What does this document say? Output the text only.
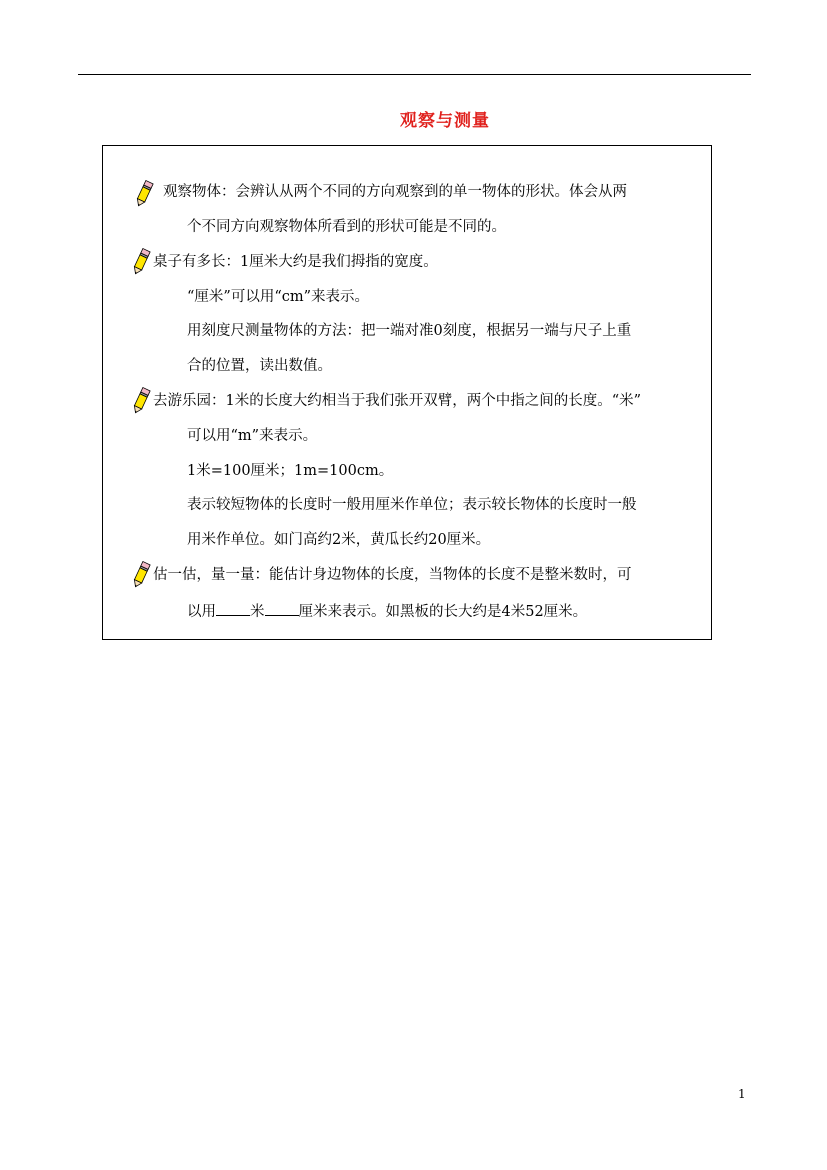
观察与测量
观察物体：会辨认从两个不同的方向观察到的单一物体的形状。体会从两
个不同方向观察物体所看到的形状可能是不同的。
桌子有多长：1厘米大约是我们拇指的宽度。
“厘米”可以用“cm”来表示。
用刻度尺测量物体的方法：把一端对准0刻度，根据另一端与尺子上重
合的位置，读出数值。
去游乐园：1米的长度大约相当于我们张开双臂，两个中指之间的长度。“米”
可以用“m”来表示。
1米=100厘米；1m=100cm。
表示较短物体的长度时一般用厘米作单位；表示较长物体的长度时一般
用米作单位。如门高约2米，黄瓜长约20厘米。
估一估，量一量：能估计身边物体的长度，当物体的长度不是整米数时，可
以用 米 厘米来表示。如黑板的长大约是4米52厘米。
1
